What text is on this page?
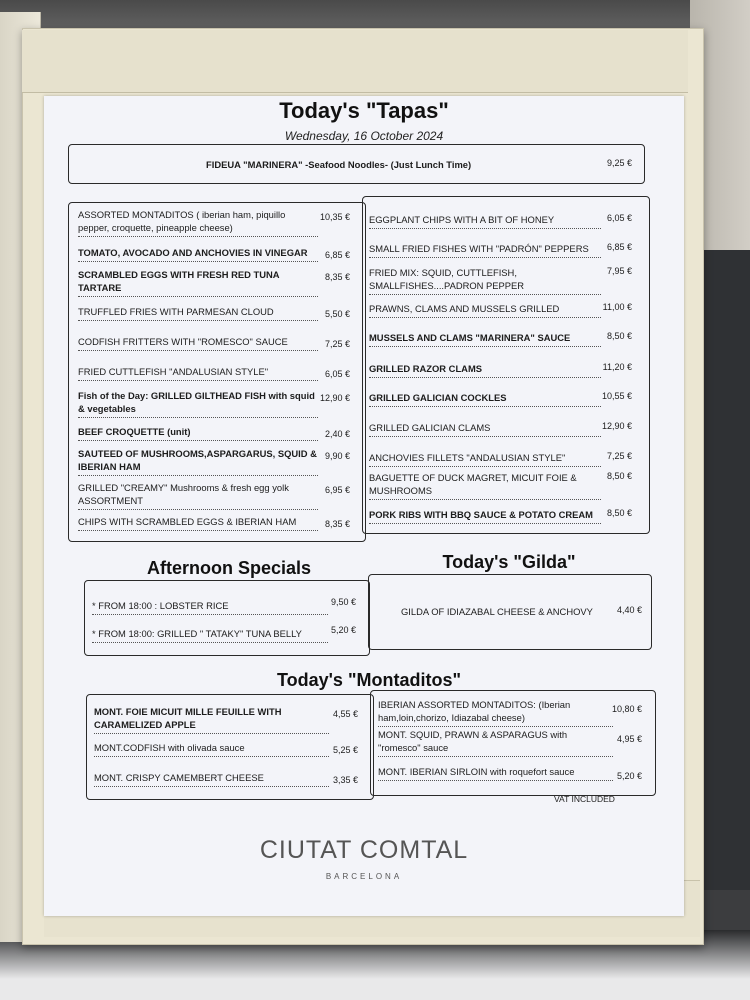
Today's "Tapas"
Wednesday, 16 October 2024
FIDEUA "MARINERA" -Seafood Noodles- (Just Lunch Time)	9,25 €
Afternoon Specials	Today's "Gilda"
Today's "Montaditos"
VAT INCLUDED
CIUTAT COMTAL
BARCELONA
ASSORTED MONTADITOS ( iberian ham, piquillo pepper, croquette, pineapple cheese)
10,35 €
TOMATO, AVOCADO AND ANCHOVIES IN VINEGAR	6,85 €
SCRAMBLED EGGS WITH FRESH RED TUNA TARTARE
8,35 €
TRUFFLED FRIES WITH PARMESAN CLOUD	5,50 €
CODFISH FRITTERS WITH "ROMESCO" SAUCE	7,25 €
FRIED CUTTLEFISH "ANDALUSIAN STYLE"	6,05 €
Fish of the Day: GRILLED GILTHEAD FISH with squid & vegetables
12,90 €
BEEF CROQUETTE (unit)	2,40 €
SAUTEED OF MUSHROOMS,ASPARGARUS, SQUID & IBERIAN HAM
9,90 €
GRILLED "CREAMY" Mushrooms & fresh egg yolk ASSORTMENT
6,95 €
CHIPS WITH SCRAMBLED EGGS & IBERIAN HAM	8,35 €
EGGPLANT CHIPS WITH A BIT OF HONEY	6,05 €
SMALL FRIED FISHES WITH "PADRÓN" PEPPERS	6,85 €
FRIED MIX: SQUID, CUTTLEFISH, SMALLFISHES....PADRON PEPPER
7,95 €
PRAWNS, CLAMS AND MUSSELS GRILLED	11,00 €
MUSSELS AND CLAMS "MARINERA" SAUCE	8,50 €
GRILLED RAZOR CLAMS	11,20 €
GRILLED GALICIAN COCKLES	10,55 €
GRILLED GALICIAN CLAMS	12,90 €
ANCHOVIES FILLETS "ANDALUSIAN STYLE"	7,25 €
BAGUETTE OF DUCK MAGRET, MICUIT FOIE & MUSHROOMS
8,50 €
PORK RIBS WITH BBQ SAUCE & POTATO CREAM	8,50 €
* FROM 18:00 : LOBSTER RICE	9,50 €
* FROM 18:00: GRILLED " TATAKY" TUNA BELLY	5,20 €
GILDA OF IDIAZABAL CHEESE & ANCHOVY	4,40 €
MONT. FOIE MICUIT MILLE FEUILLE WITH CARAMELIZED APPLE
4,55 €
MONT.CODFISH with olivada sauce	5,25 €
MONT. CRISPY CAMEMBERT CHEESE	3,35 €
IBERIAN ASSORTED MONTADITOS: (Iberian ham,loin,chorizo, Idiazabal cheese)
10,80 €
MONT. SQUID, PRAWN & ASPARAGUS with "romesco" sauce
4,95 €
MONT. IBERIAN SIRLOIN with roquefort sauce	5,20 €
